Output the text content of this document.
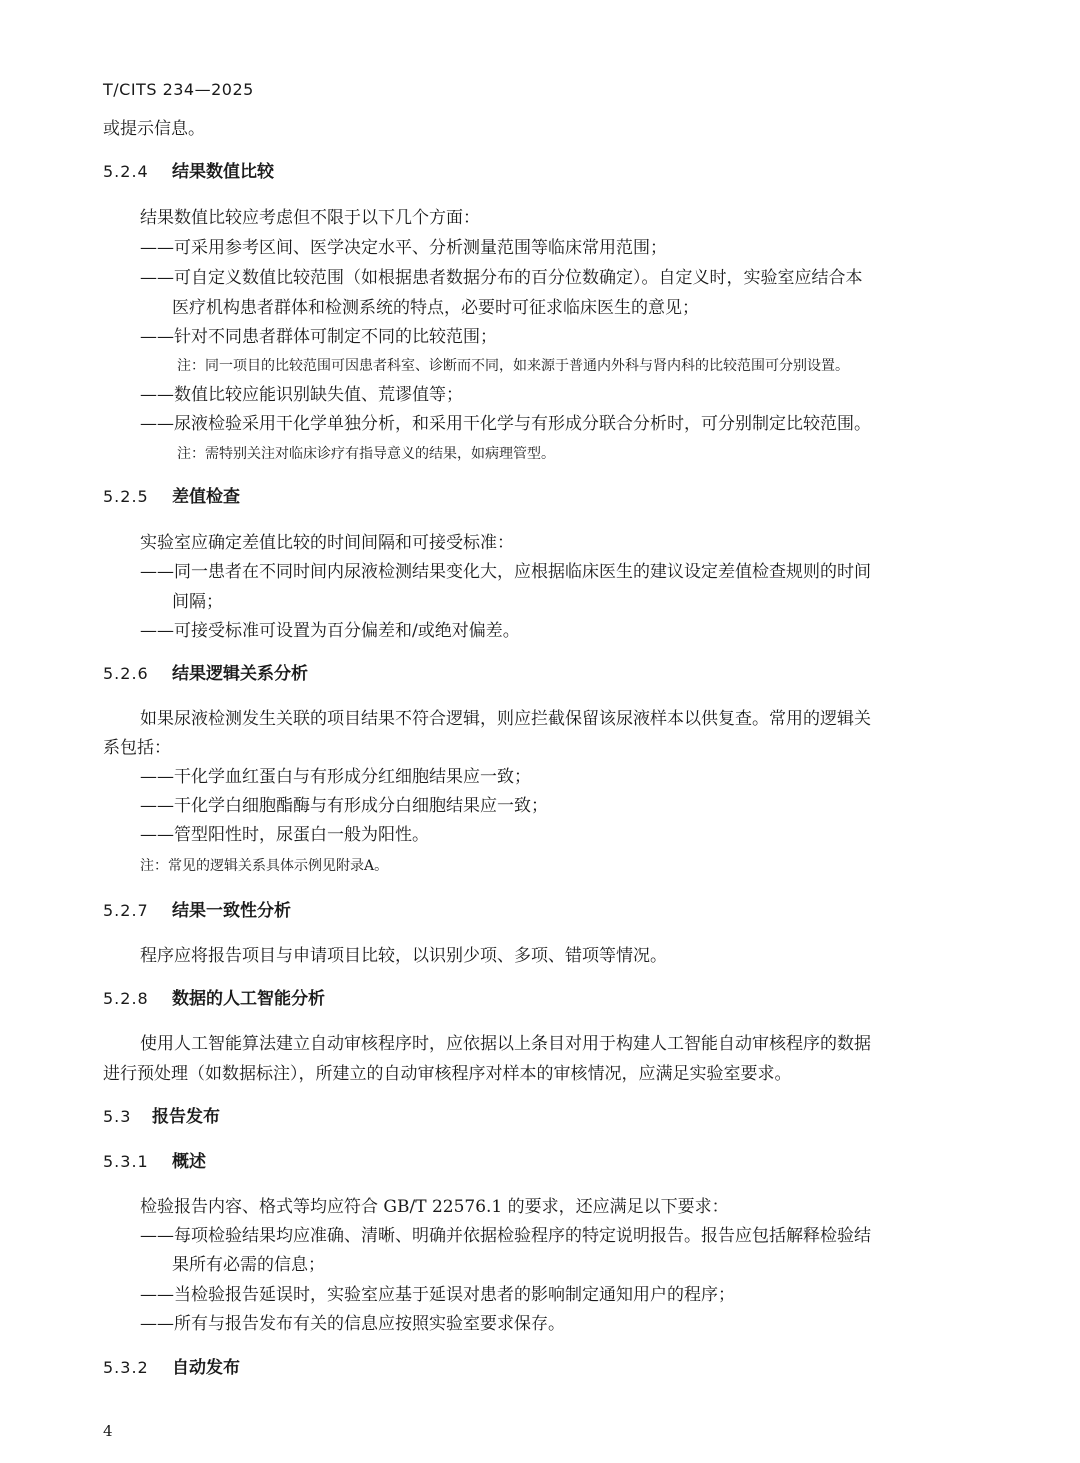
T/CITS 234—2025
或提示信息。
5.2.4 结果数值比较
结果数值比较应考虑但不限于以下几个方面：
——可采用参考区间、医学决定水平、分析测量范围等临床常用范围；
——可自定义数值比较范围（如根据患者数据分布的百分位数确定）。自定义时，实验室应结合本
医疗机构患者群体和检测系统的特点，必要时可征求临床医生的意见；
——针对不同患者群体可制定不同的比较范围；
注：同一项目的比较范围可因患者科室、诊断而不同，如来源于普通内外科与肾内科的比较范围可分别设置。
——数值比较应能识别缺失值、荒谬值等；
——尿液检验采用干化学单独分析，和采用干化学与有形成分联合分析时，可分别制定比较范围。
注：需特别关注对临床诊疗有指导意义的结果，如病理管型。
5.2.5 差值检查
实验室应确定差值比较的时间间隔和可接受标准：
——同一患者在不同时间内尿液检测结果变化大，应根据临床医生的建议设定差值检查规则的时间
间隔；
——可接受标准可设置为百分偏差和/或绝对偏差。
5.2.6 结果逻辑关系分析
如果尿液检测发生关联的项目结果不符合逻辑，则应拦截保留该尿液样本以供复查。常用的逻辑关
系包括：
——干化学血红蛋白与有形成分红细胞结果应一致；
——干化学白细胞酯酶与有形成分白细胞结果应一致；
——管型阳性时，尿蛋白一般为阳性。
注：常见的逻辑关系具体示例见附录A。
5.2.7 结果一致性分析
程序应将报告项目与申请项目比较，以识别少项、多项、错项等情况。
5.2.8 数据的人工智能分析
使用人工智能算法建立自动审核程序时，应依据以上条目对用于构建人工智能自动审核程序的数据
进行预处理（如数据标注），所建立的自动审核程序对样本的审核情况，应满足实验室要求。
5.3 报告发布
5.3.1 概述
检验报告内容、格式等均应符合 GB/T 22576.1 的要求，还应满足以下要求：
——每项检验结果均应准确、清晰、明确并依据检验程序的特定说明报告。报告应包括解释检验结
果所有必需的信息；
——当检验报告延误时，实验室应基于延误对患者的影响制定通知用户的程序；
——所有与报告发布有关的信息应按照实验室要求保存。
5.3.2 自动发布
4
